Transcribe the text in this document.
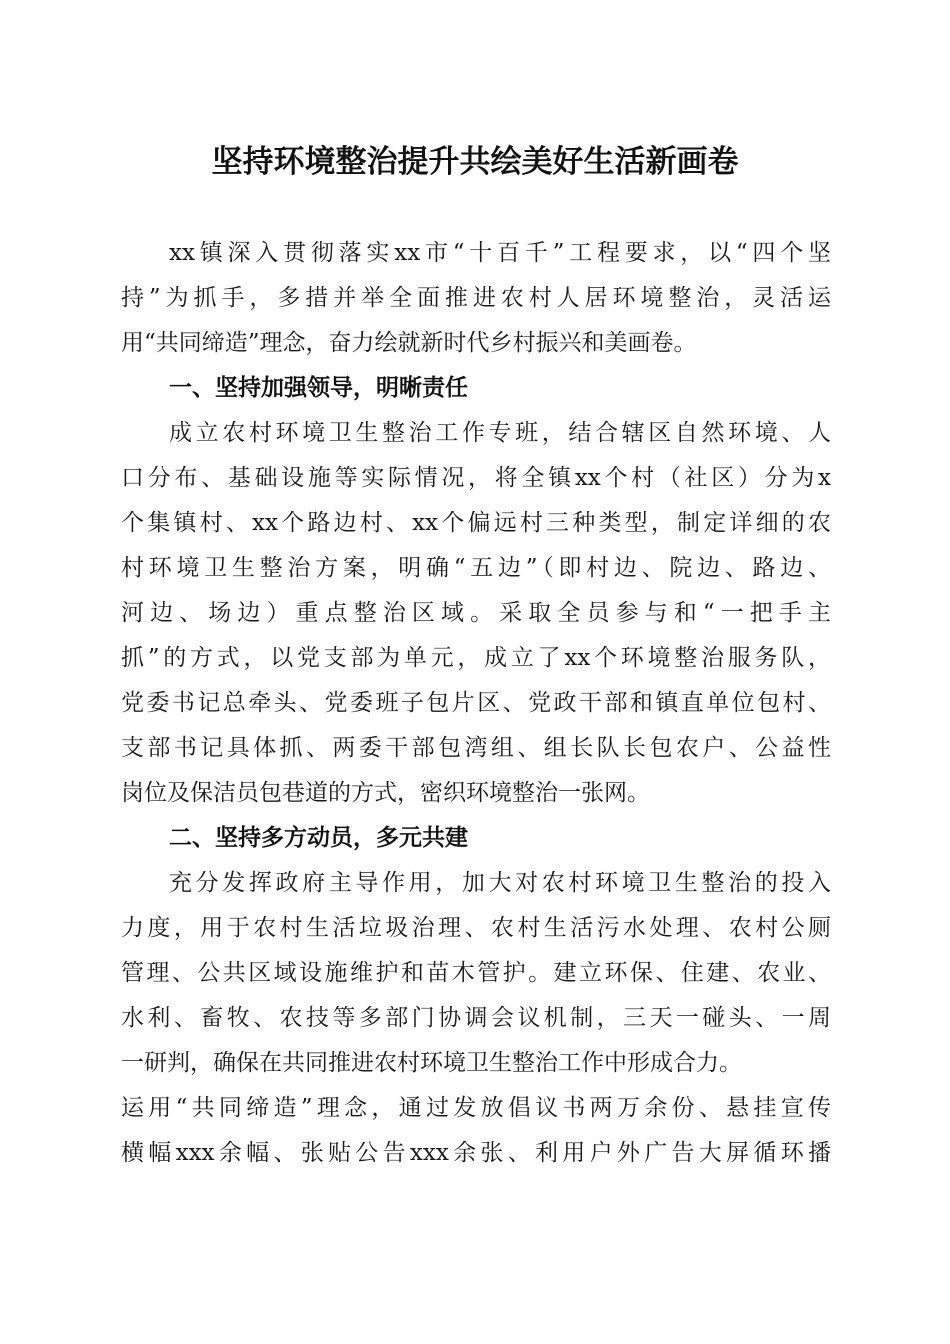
坚持环境整治提升共绘美好生活新画卷
xx镇深入贯彻落实xx市“十百千”工程要求，以“四个坚
持”为抓手，多措并举全面推进农村人居环境整治，灵活运
用“共同缔造”理念，奋力绘就新时代乡村振兴和美画卷。
一、坚持加强领导，明晰责任
成立农村环境卫生整治工作专班，结合辖区自然环境、人
口分布、基础设施等实际情况，将全镇xx个村（社区）分为x
个集镇村、xx个路边村、xx个偏远村三种类型，制定详细的农
村环境卫生整治方案，明确“五边”（即村边、院边、路边、
河边、场边）重点整治区域。采取全员参与和“一把手主
抓”的方式，以党支部为单元，成立了xx个环境整治服务队，
党委书记总牵头、党委班子包片区、党政干部和镇直单位包村、
支部书记具体抓、两委干部包湾组、组长队长包农户、公益性
岗位及保洁员包巷道的方式，密织环境整治一张网。
二、坚持多方动员，多元共建
充分发挥政府主导作用，加大对农村环境卫生整治的投入
力度，用于农村生活垃圾治理、农村生活污水处理、农村公厕
管理、公共区域设施维护和苗木管护。建立环保、住建、农业、
水利、畜牧、农技等多部门协调会议机制，三天一碰头、一周
一研判，确保在共同推进农村环境卫生整治工作中形成合力。
运用“共同缔造”理念，通过发放倡议书两万余份、悬挂宣传
横幅xxx余幅、张贴公告xxx余张、利用户外广告大屏循环播
